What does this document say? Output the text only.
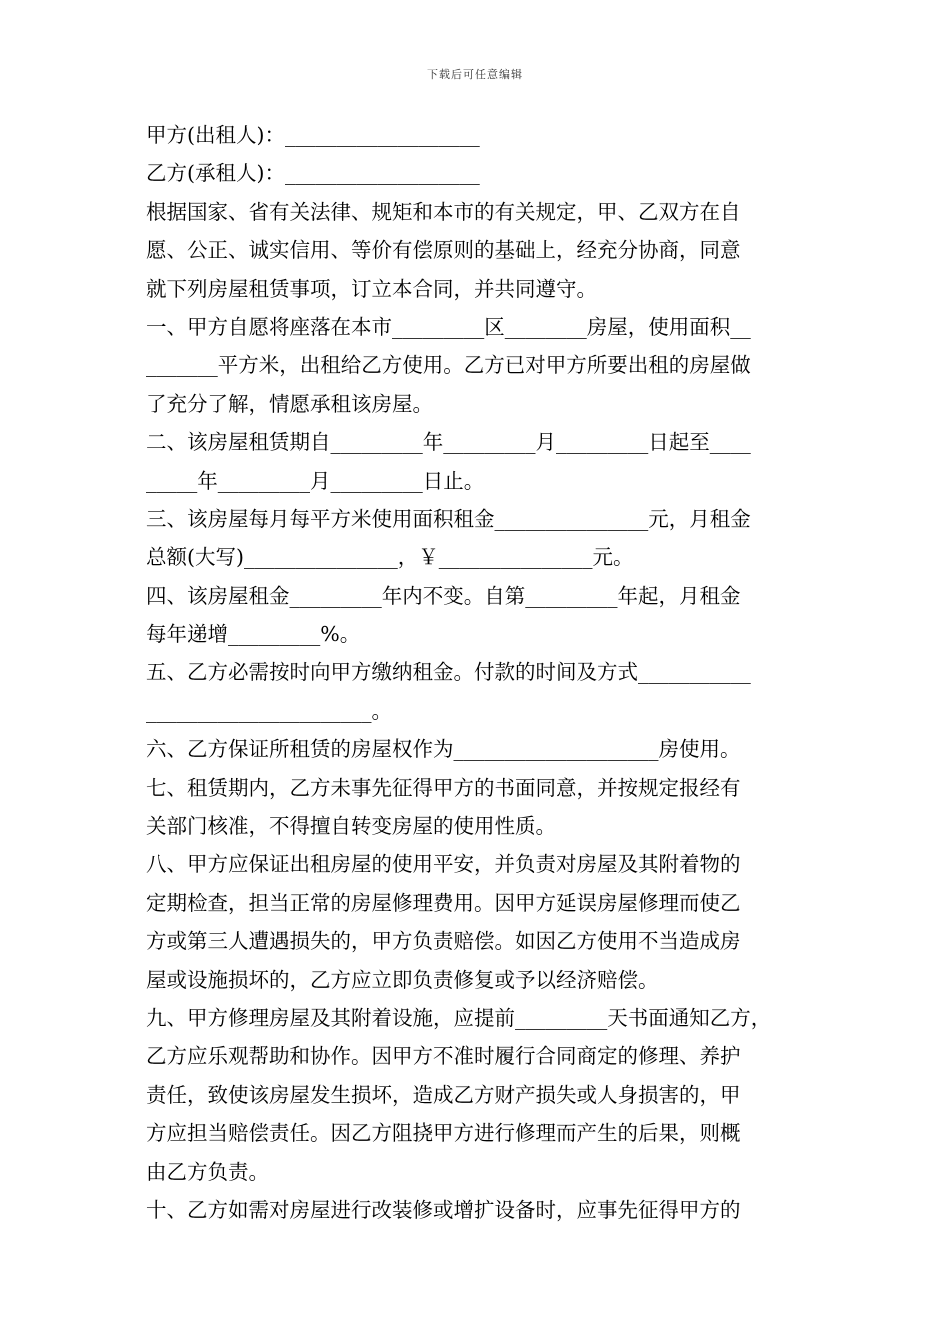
下载后可任意编辑
甲方(出租人)：___________________
乙方(承租人)：___________________
根据国家、省有关法律、规矩和本市的有关规定，甲、乙双方在自
愿、公正、诚实信用、等价有偿原则的基础上，经充分协商，同意
就下列房屋租赁事项，订立本合同，并共同遵守。
一、甲方自愿将座落在本市_________区________房屋，使用面积__
_______平方米，出租给乙方使用。乙方已对甲方所要出租的房屋做
了充分了解，情愿承租该房屋。
二、该房屋租赁期自_________年_________月_________日起至____
_____年_________月_________日止。
三、该房屋每月每平方米使用面积租金_______________元，月租金
总额(大写)_______________，￥_______________元。
四、该房屋租金_________年内不变。自第_________年起，月租金
每年递增_________%。
五、乙方必需按时向甲方缴纳租金。付款的时间及方式___________
______________________。
六、乙方保证所租赁的房屋权作为____________________房使用。
七、租赁期内，乙方未事先征得甲方的书面同意，并按规定报经有
关部门核准，不得擅自转变房屋的使用性质。
八、甲方应保证出租房屋的使用平安，并负责对房屋及其附着物的
定期检查，担当正常的房屋修理费用。因甲方延误房屋修理而使乙
方或第三人遭遇损失的，甲方负责赔偿。如因乙方使用不当造成房
屋或设施损坏的，乙方应立即负责修复或予以经济赔偿。
九、甲方修理房屋及其附着设施，应提前_________天书面通知乙方，
乙方应乐观帮助和协作。因甲方不准时履行合同商定的修理、养护
责任，致使该房屋发生损坏，造成乙方财产损失或人身损害的，甲
方应担当赔偿责任。因乙方阻挠甲方进行修理而产生的后果，则概
由乙方负责。
十、乙方如需对房屋进行改装修或增扩设备时，应事先征得甲方的
